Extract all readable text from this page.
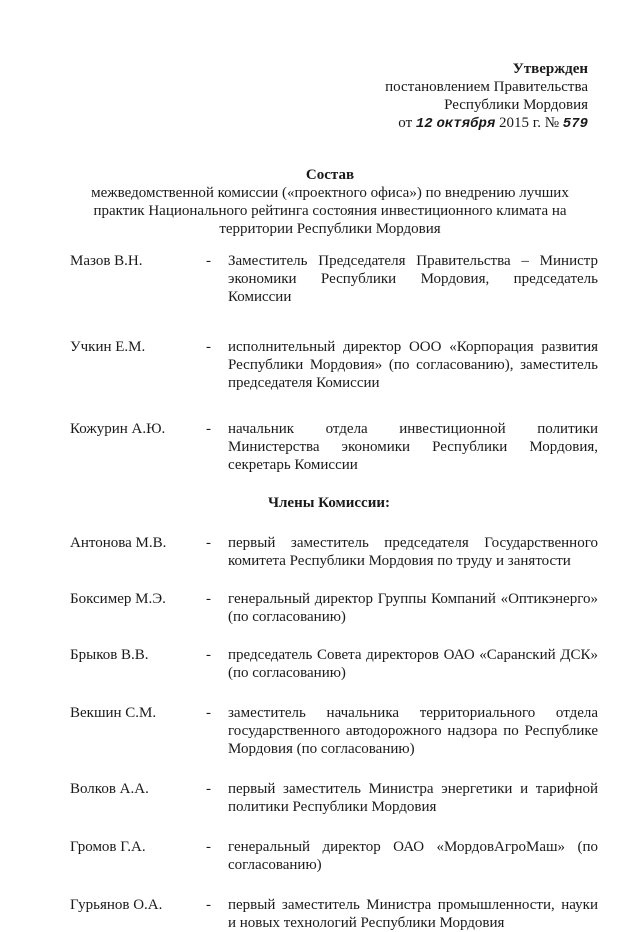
Утвержден
постановлением Правительства
Республики Мордовия
от 12 октября 2015 г. № 579
Состав
межведомственной комиссии («проектного офиса») по внедрению лучших
практик Национального рейтинга состояния инвестиционного климата на
территории Республики Мордовия
Мазов В.Н.	-	Заместитель Председателя Правительства – Министр экономики Республики Мордовия, председатель Комиссии
Учкин Е.М.	-	исполнительный директор ООО «Корпорация развития Республики Мордовия» (по согласованию), заместитель председателя Комиссии
Кожурин А.Ю.	-	начальник отдела инвестиционной политики Министерства экономики Республики Мордовия, секретарь Комиссии
Члены Комиссии:
Антонова М.В.	-	первый заместитель председателя Государственного комитета Республики Мордовия по труду и занятости
Боксимер М.Э.	-	генеральный директор Группы Компаний «Оптикэнерго» (по согласованию)
Брыков В.В.	-	председатель Совета директоров ОАО «Саранский ДСК» (по согласованию)
Векшин С.М.	-	заместитель начальника территориального отдела государственного автодорожного надзора по Республике Мордовия (по согласованию)
Волков А.А.	-	первый заместитель Министра энергетики и тарифной политики Республики Мордовия
Громов Г.А.	-	генеральный директор ОАО «МордовАгроМаш» (по согласованию)
Гурьянов О.А.	-	первый заместитель Министра промышленности, науки и новых технологий Республики Мордовия
